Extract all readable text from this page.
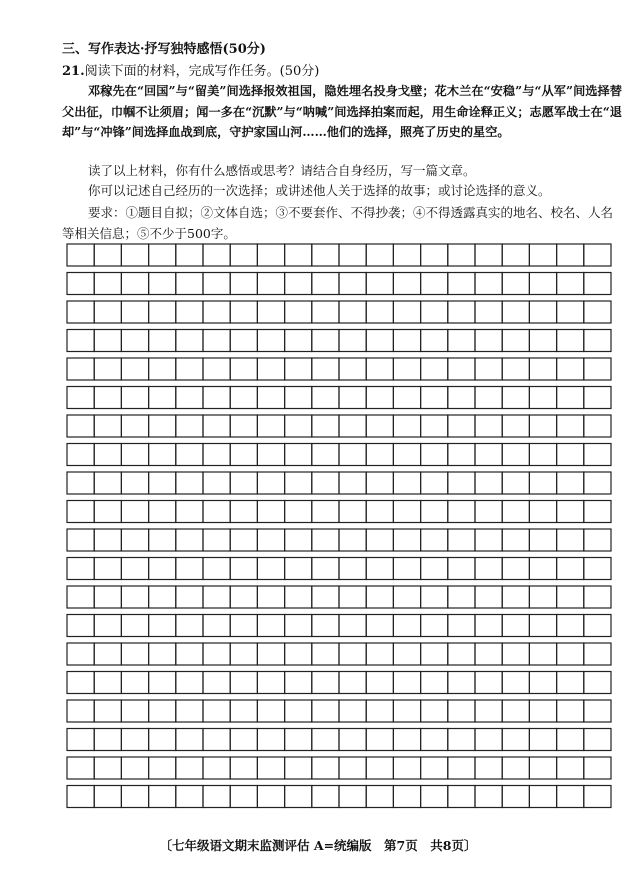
三、写作表达·抒写独特感悟(50分)
21.阅读下面的材料，完成写作任务。(50分)
邓稼先在“回国”与“留美”间选择报效祖国，隐姓埋名投身戈壁；花木兰在“安稳”与“从军”间选择替父出征，巾帼不让须眉；闻一多在“沉默”与“呐喊”间选择拍案而起，用生命诠释正义；志愿军战士在“退却”与“冲锋”间选择血战到底，守护家国山河……他们的选择，照亮了历史的星空。
读了以上材料，你有什么感悟或思考？请结合自身经历，写一篇文章。
你可以记述自己经历的一次选择；或讲述他人关于选择的故事；或讨论选择的意义。
要求：①题目自拟；②文体自选；③不要套作、不得抄袭；④不得透露真实的地名、校名、人名等相关信息；⑤不少于500字。
〔七年级语文期末监测评估 A=统编版　第7页　共8页〕
